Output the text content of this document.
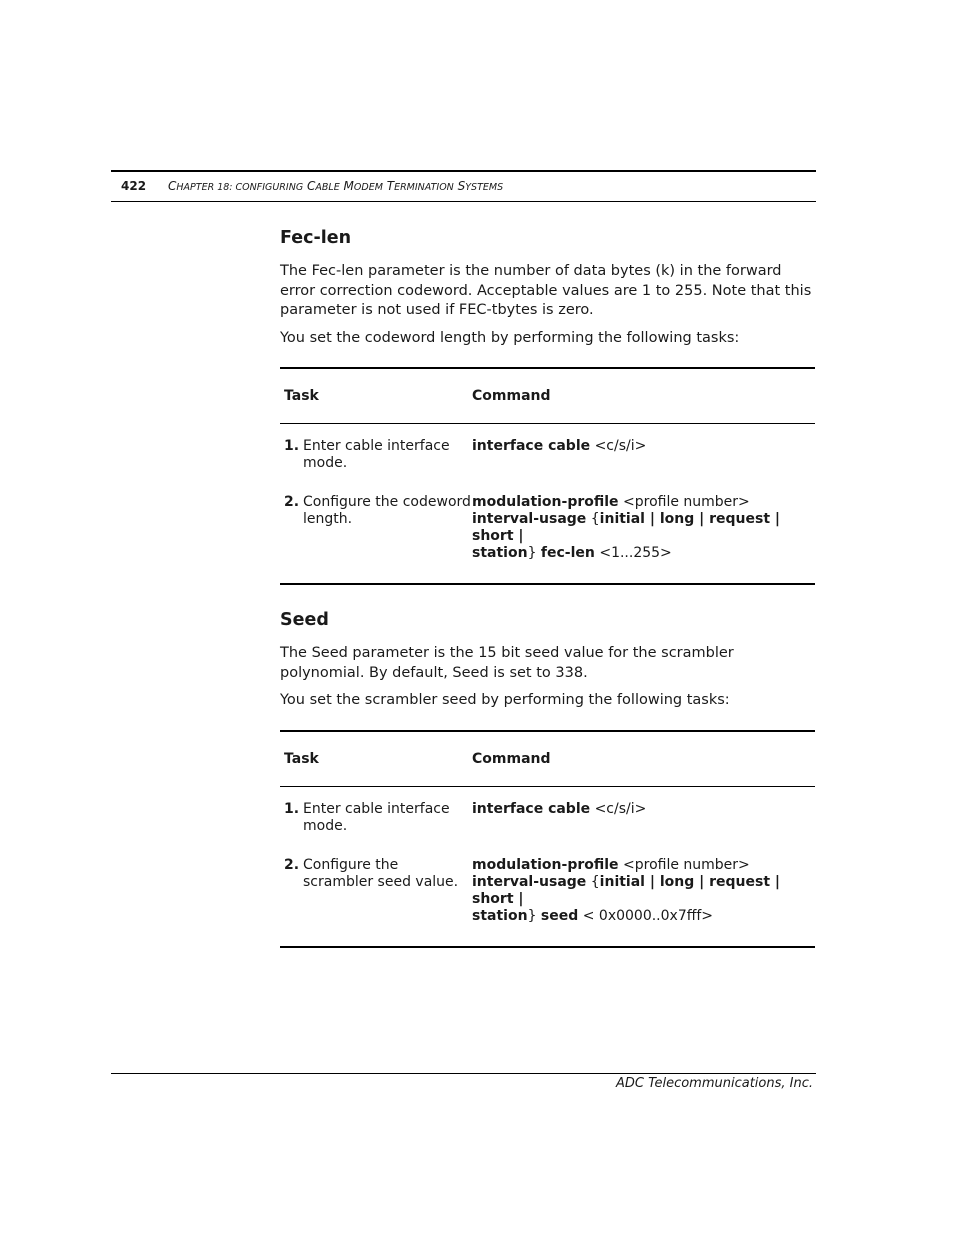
422 CHAPTER 18: CONFIGURING CABLE MODEM TERMINATION SYSTEMS
Fec-len

The Fec-len parameter is the number of data bytes (k) in the forward error correction codeword. Acceptable values are 1 to 255. Note that this parameter is not used if FEC-tbytes is zero.

You set the codeword length by performing the following tasks:

Task	Command

1. Enter cable interface mode.	interface cable <c/s/i>

2. Configure the codeword length.	modulation-profile <profile number>
interval-usage {initial | long | request | short |
station} fec-len <1...255>
Seed

The Seed parameter is the 15 bit seed value for the scrambler polynomial. By default, Seed is set to 338.

You set the scrambler seed by performing the following tasks:

Task	Command

1. Enter cable interface mode.	interface cable <c/s/i>

2. Configure the scrambler seed value.	modulation-profile <profile number>
interval-usage {initial | long | request | short |
station} seed < 0x0000..0x7fff>
ADC Telecommunications, Inc.
